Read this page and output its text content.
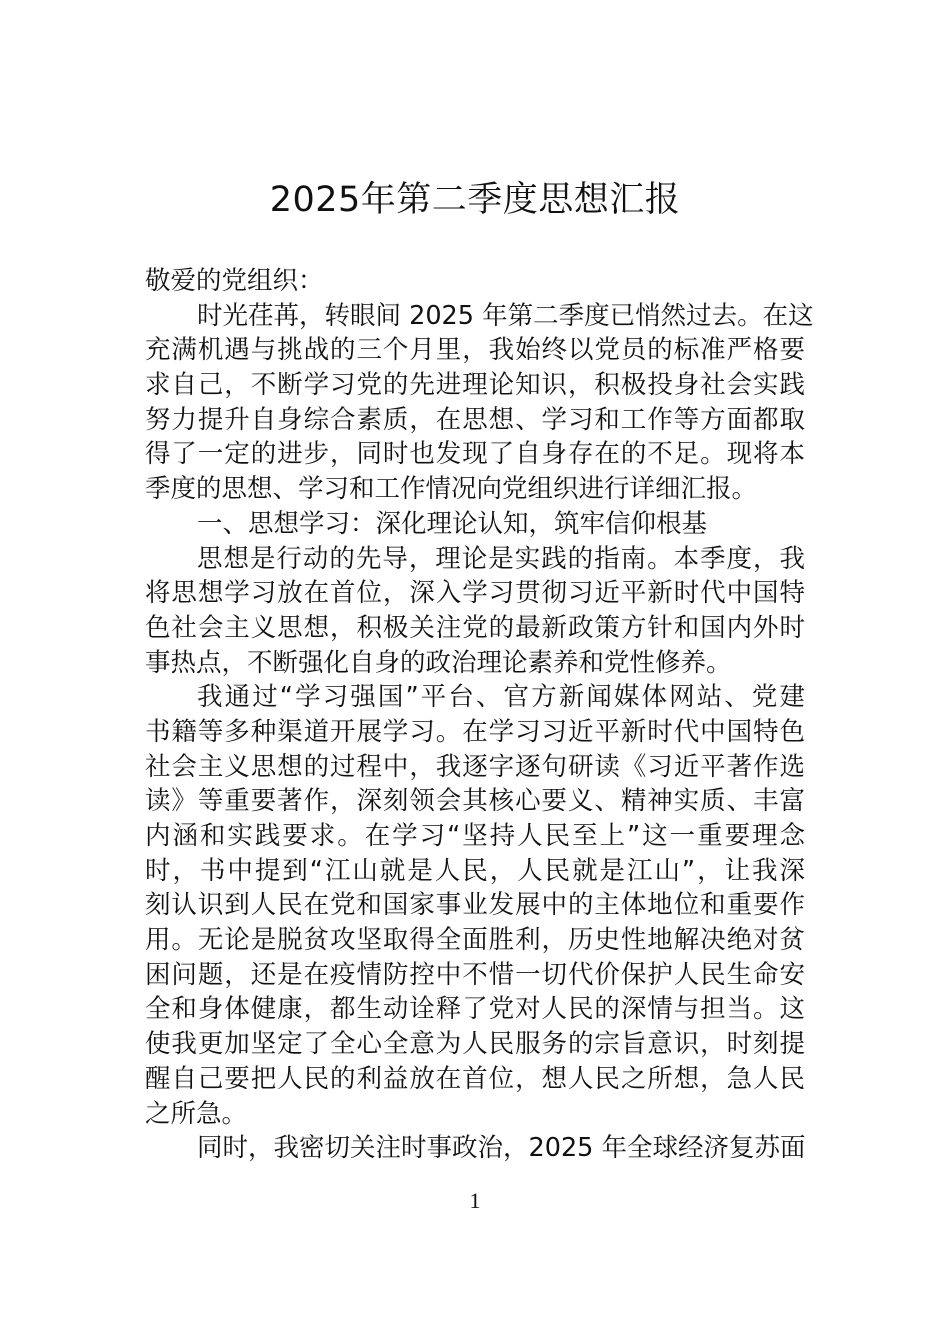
2025年第二季度思想汇报
敬爱的党组织：
时光荏苒，转眼间 2025 年第二季度已悄然过去。在这
充满机遇与挑战的三个月里，我始终以党员的标准严格要
求自己，不断学习党的先进理论知识，积极投身社会实践
努力提升自身综合素质，在思想、学习和工作等方面都取
得了一定的进步，同时也发现了自身存在的不足。现将本
季度的思想、学习和工作情况向党组织进行详细汇报。
一、思想学习：深化理论认知，筑牢信仰根基
思想是行动的先导，理论是实践的指南。本季度，我
将思想学习放在首位，深入学习贯彻习近平新时代中国特
色社会主义思想，积极关注党的最新政策方针和国内外时
事热点，不断强化自身的政治理论素养和党性修养。
我通过“学习强国”平台、官方新闻媒体网站、党建
书籍等多种渠道开展学习。在学习习近平新时代中国特色
社会主义思想的过程中，我逐字逐句研读《习近平著作选
读》等重要著作，深刻领会其核心要义、精神实质、丰富
内涵和实践要求。在学习“坚持人民至上”这一重要理念
时，书中提到“江山就是人民，人民就是江山”，让我深
刻认识到人民在党和国家事业发展中的主体地位和重要作
用。无论是脱贫攻坚取得全面胜利，历史性地解决绝对贫
困问题，还是在疫情防控中不惜一切代价保护人民生命安
全和身体健康，都生动诠释了党对人民的深情与担当。这
使我更加坚定了全心全意为人民服务的宗旨意识，时刻提
醒自己要把人民的利益放在首位，想人民之所想，急人民
之所急。
同时，我密切关注时事政治，2025 年全球经济复苏面
1
